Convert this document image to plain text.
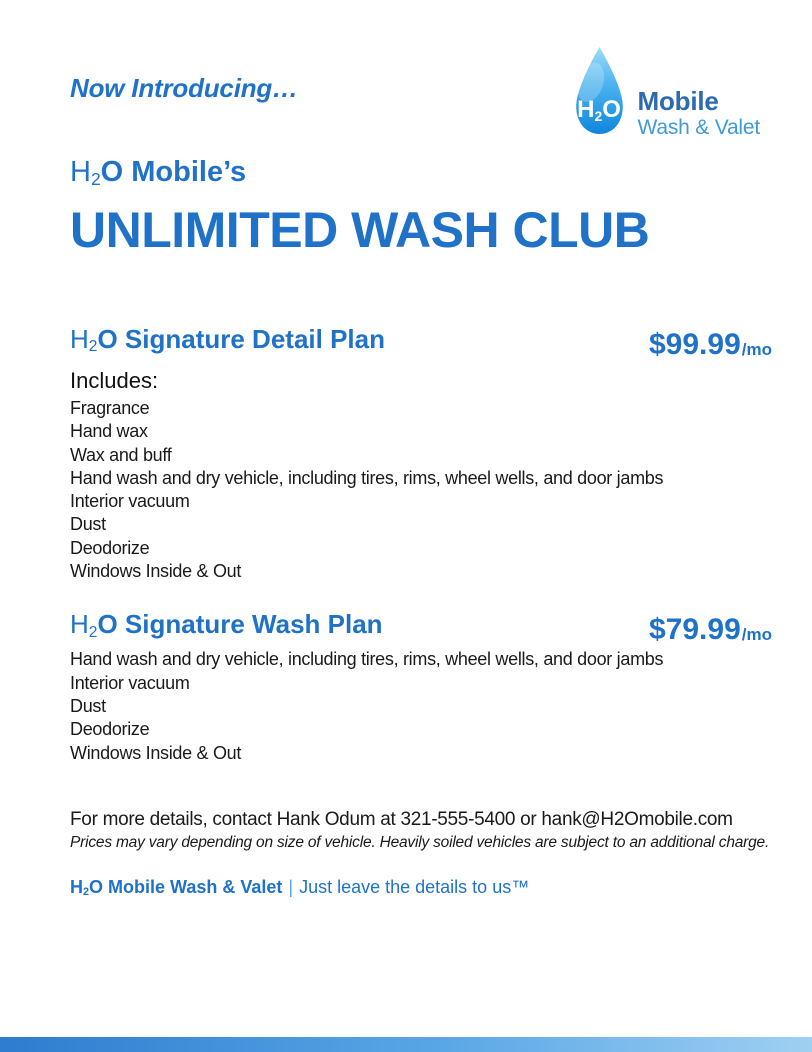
Now Introducing…
H2O Mobile
Wash & Valet
H2O Mobile’s
UNLIMITED WASH CLUB
H2O Signature Detail Plan	$99.99 /mo
Includes:
Fragrance
Hand wax
Wax and buff
Hand wash and dry vehicle, including tires, rims, wheel wells, and door jambs
Interior vacuum
Dust
Deodorize
Windows Inside & Out
H2O Signature Wash Plan	$79.99 /mo
Hand wash and dry vehicle, including tires, rims, wheel wells, and door jambs
Interior vacuum
Dust
Deodorize
Windows Inside & Out
For more details, contact Hank Odum at 321-555-5400 or hank@H2Omobile.com
Prices may vary depending on size of vehicle. Heavily soiled vehicles are subject to an additional charge.
H2O Mobile Wash & Valet | Just leave the details to us™
